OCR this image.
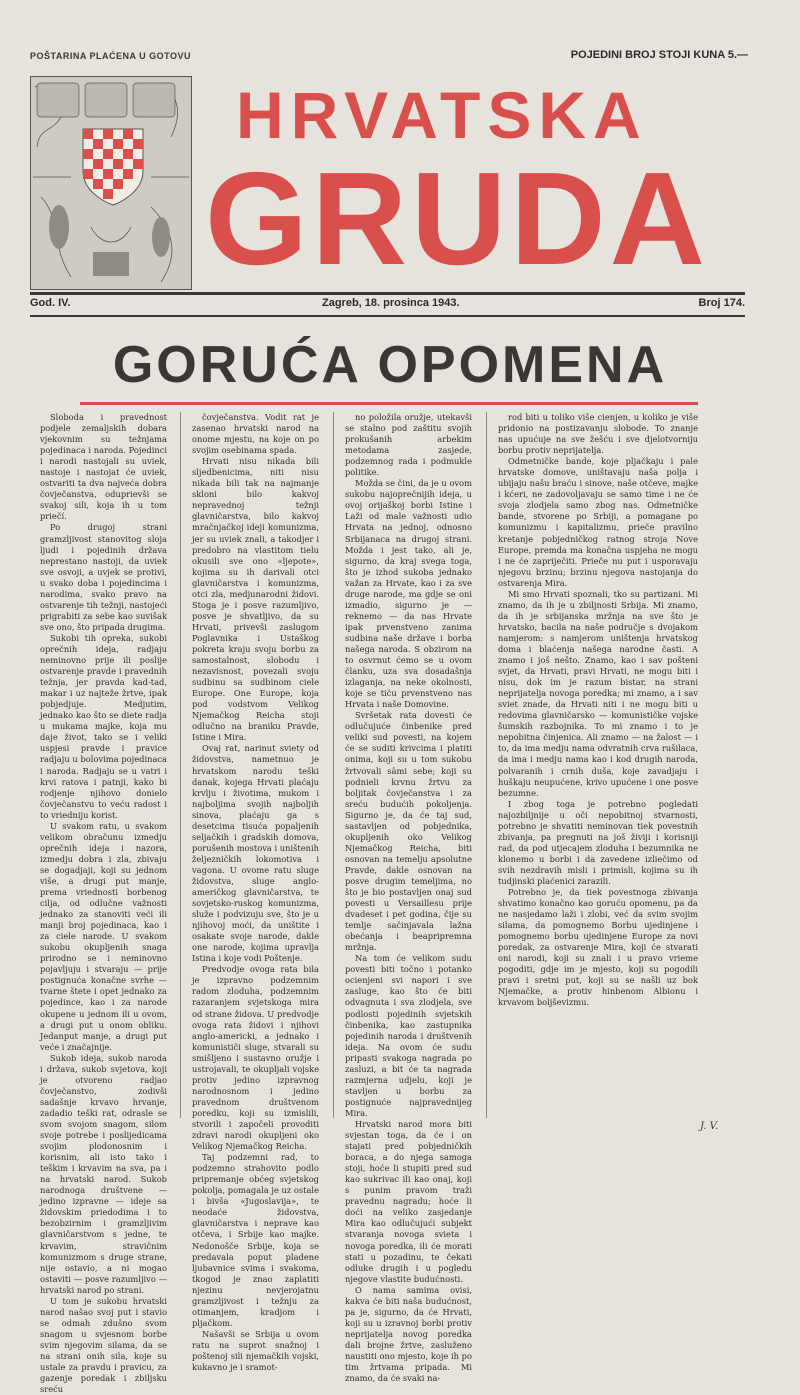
POŠTARINA PLAĆENA U GOTOVU	POJEDINI BROJ STOJI KUNA 5.—
HRVATSKA
GRUDA
God. IV.	Zagreb, 18. prosinca 1943.	Broj 174.
GORUĆA OPOMENA

Sloboda i pravednost podjele zemaljskih dobara vjekovnim su težnjama pojedinaca i naroda. Pojedinci i narodi nastojali su uviek, nastoje i nastojat će uviek, ostvariti ta dva najveća dobra čovječanstva, oduprievši se svakoj sili, koja ih u tom priečí.

Po drugoj strani gramzljivost stanovitog sloja ljudi i pojedinih država neprestano nastoji, da uviek sve osvoji, a uvjek se protivi, u svako doba i pojedincima i narodima, svako pravo na ostvarenje tih težnji, nastojeći prigrabiti za sebe kao suvišak sve ono, što pripada drugima.

Sukobi tih opreka, sukobi oprečnih ideja, radjaju neminovno prije ili poslije ostvarenje pravde i pravednih težnja, jer pravda kad-tad, makar i uz najteže žrtve, ipak pobjedjuje. Medjutim, jednako kao što se diete radja u mukama majke, koja mu daje život, tako se i veliki uspjesi pravde i pravice radjaju u bolovima pojedinaca i naroda. Radjaju se u vatri i krvi ratova i patnji, kako bi rodjenje njihovo donielo čovječanstvu to veću radost i to vriedniju korist.

U svakom ratu, u svakom velikom obračunu izmedju oprečnih ideja i nazora, izmedju dobra i zla, zbivaju se dogadjaji, koji su jednom više, a drugi put manje, prema vriednosti borbenog cilja, od odlučne važnosti jednako za stanoviti veći ili manji broj pojedinaca, kao i za ciele narode. U svakom sukobu okupljenih snaga prirodno se i neminovno pojavljuju i stvaraju — prije postignuća konačne svrhe — tvarne štete i opet jednako za pojedince, kao i za narode okupene u jednom ili u ovom, a drugi put u onom obliku. Jedanput manje, a drugi put veće i značajnije.

Sukob ideja, sukob naroda i država, sukob svjetova, koji je otvoreno radjao čovječanstvo, zodivši sadašnje krvavo hrvanje, zadadio teški rat, odrasle se svom svojom snagom, silom svoje potrebe i poslijedicama svojim plodonosnim i korisnim, ali isto tako i teškim i krvavim na sva, pa i na hrvatski narod. Sukob narodnoga društvene — jedino izpravne — ideje sa židovskim priedodima i to bezobzirnim i gramzljivim glavničarstvom s jedne, te krvavim, stravičnim komunizmom s druge strane, nije ostavio, a ni mogao ostaviti — posve razumljivo — hrvatski narod po strani.

U tom je sukobu hrvatski narod našao svoj put i stavio se odmah zdušno svom snagom u svjesnom borbe svim njegovim silama, da se na strani onih sila, koje su ustale za pravdu i pravicu, za gazenje poredak i zbiljsku sreću

čovječanstva. Vodit rat je zasenao hrvatski narod na onome mjestu, na koje on po svojim osebinama spada.

Hrvati nisu nikada bili sljedbenicima, niti nisu nikada bili tak na najmanje skloni bilo kakvoj nepravednoj težnji glavničarstva, bilo kakvoj mračnjačkoj ideji komunizma, jer su uviek znali, a takodjer i predobro na vlastitom tielu okusili sve ono «ljepote», kojima su ih darivali otci glavničarstva i komunizma, otci zla, medjunarodni židovi. Stoga je i posve razumljivo, posve je shvatljivo, da su Hrvati, privevši zaslugom Poglavnika i Ustaškog pokreta kraju svoju borbu za samostalnost, slobodu i nezavisnost, povezali svoju sudbinu sa sudbinom ciele Europe. One Europe, koja pod vodstvom Velikog Njemačkog Reicha stoji odlučno na braniku Pravde, Istine i Mira.

Ovaj rat, narinut sviety od židovstva, nametnuo je hrvatskom narodu teški danak, kojega Hrvati plaćaju krvlju i životima, mukom i najboljima svojih najboljih sinova, plaćaju ga s desetcima tisuća popaljenih seljačkih i gradskih domova, porušenih mostova i uništenih željezničkih lokomotiva i vagona. U ovome ratu sluge židovstva, sluge anglo-američkog glavničarstva, te sovjetsko-ruskog komunizma, služe i podvizuju sve, što je u njihovoj moći, da uništite i osakate svoje narode, dakle one narode, kojima upravlja Istina i koje vodi Poštenje.

Predvodje ovoga rata bila je izpravno podzemnim radom zloduha, podzemnim razaranjem svjetskoga mira od strane židova. U predvodje ovoga rata židovi i njihovi anglo-americki, a jednako i komunističi sluge, stvarali su smišljeno i sustavno oružje i ustrojavali, te okupljali vojske protiv jedino izpravnog narodnosnom i jedino pravednom društvenom poredku, koji su izmislili, stvorili i započeli provoditi zdravi narodi okupljeni oko Velikog Njemačkog Reicha.

Taj podzemni rad, to podzemno strahovito podlo pripremanje obćeg svjetskog pokolja, pomagala je uz ostale i bivša «Jugoslavija», te neodaće židovstva, glavničarstva i neprave kao otčeva, i Srbije kao majke. Nedonošče Srbije, koja se predavala poput pladene ljubavnice svima i svakoma, tkogod je znao zaplatiti njezinu nevjerojatnu gramzljivost i težnju za otimanjem, kradjom i pljačkom.

Našavši se Srbija u ovom ratu na suprot snažnoj i poštenoj sili njemačkih vojski, kukavno je i sramot-

no položila oružje, utekavši se stalno pod zaštitu svojih prokušanih arbekim metodama zasjede, podzemnog rada i podmukle politike.

Možda se čini, da je u ovom sukobu najoprečnijih ideja, u ovoj orijaškoj borbi Istine i Laži od male važnosti udio Hrvata na jednoj, odnosno Srbijanaca na drugoj strani. Možda i jest tako, ali je, sigurno, da kraj svega toga, što je izhod sukoba jednako važan za Hrvate, kao i za sve druge narode, ma gdje se oni izmadio, sigurno je — reknemo — da nas Hrvate ipak prvenstveno zanima sudbina naše države i borba našega naroda. S obzirom na to osvrnut ćemo se u ovom članku, uza sva dosadašnja izlaganja, na neke okolnosti, koje se tiču prvenstveno nas Hrvata i naše Domovine.

Svršetak rata dovesti će odlučujuće činbenike pred veliki sud povesti, na kojem će se suditi krivcima i platiti onima, koji su u tom sukobu žrtvovali sâmi sebe; koji su podnieli krvnu žrtvu za boljitak čovječanstva i za sreću budućih pokoljenja. Sigurno je, da će taj sud, sastavljen od pobjednika, okupljenih oko Velikog Njemačkog Reicha, biti osnovan na temelju apsolutne Pravde, dakle osnovan na posve drugim temeljima, no što je bio postavljen onaj sud povesti u Versaillesu prije dvadeset i pet godina, čije su temlje sačinjavala lažna obećanja i beapripremna mržnja.

Na tom će velikom sudu povesti biti točno i potanko ocienjeni svi napori i sve zasluge, kao što će biti odvagnuta i sva zlodjela, sve podlosti pojedinih svjetskih činbenika, kao zastupnika pojedinih naroda i društvenih ideja. Na ovom će sudu pripasti svakoga nagrada po zasluzi, a bit će ta nagrada razmjerna udjelu, koji je stavljen u borbu za postignuće najpravednijeg Mira.

Hrvatski narod mora biti svjestan toga, da će i on stajati pred pobjedničkih boraca, a do njega samoga stoji, hoće li stupiti pred sud kao sukrivac ili kao onaj, koji s punim pravom traži pravednu nagradu; hoće li doći na veliko zasjedanje Mira kao odlučujući subjekt stvaranja novoga svieta i novoga poredka, ili će morati stati u pozadinu, te čekati odluke drugih i u pogledu njegove vlastite budućnosti.

O nama samima ovisi, kakva će biti naša budućnost, pa je, sigurno, da će Hrvati, koji su u izravnoj borbi protiv neprijatelja novog poredka dali brojne žrtve, zasluženo naustiti ono mjesto, koje ih po tim žrtvama pripada. Mi znamo, da će svaki na-

rod biti u toliko više cienjen, u koliko je više pridonio na postizavanju slobode. To znanje nas upućuje na sve žešću i sve djelotvorniju borbu protiv neprijatelja.

Odmetničke bande, koje pljačkaju i pale hrvatske domove, uništavaju naša polja i ubijaju našu braću i sinove, naše otčeve, majke i kćeri, ne zadovoljavaju se samo time i ne će svoja zlodjela samo zbog nas. Odmetničke bande, stvorene po Srbiji, a pomagane po komunizmu i kapitalizmu, prieče pravilno kretanje pobjedničkog ratnog stroja Nove Europe, premda ma konačna uspjeha ne mogu i ne će zapriječiti. Prieče nu put i usporavaju njegovu brzinu; brzinu njegova nastojanja do ostvarenja Mira.

Mi smo Hrvati spoznali, tko su partizani. Mi znamo, da ih je u zbiljnosti Srbija. Mi znamo, da ih je srbijanska mržnja na sve što je hrvatsko, bacila na naše područje s dvojakom namjerom: s namjerom uništenja hrvatskog doma i blaćenja našega narodne časti. A znamo i još nešto. Znamo, kao i sav pošteni svjet, da Hrvati, pravi Hrvati, ne mogu biti i nisu, dok im je razum bistar, na strani neprijatelja novoga poredka; mi znamo, a i sav sviet znade, da Hrvati niti i ne mogu biti u redovima glavničarsko — komunističke vojske šumskih razbojnika. To mi znamo i to je nepobitna činjenica. Ali znamo — na žalost — i to, da ima medju nama odvratnih crva rušilaca, da ima i medju nama kao i kod drugih naroda, polvaranih i crnih duša, koje zavadjaju i huškaju neupućene, krivo upućene i one posve bezumne.

I zbog toga je potrebno pogledati najozbiljnije u oči nepobitnoj stvarnosti, potrebno je shvatiti neminovan tiek povestnih zbivanja, pa pregnuti na još živiji i korisniji rad, da pod utjecajem zloduha i bezumnika ne klonemo u borbi i da zavedene izliečimo od svih nezdravih misli i primisli, kojima su ih tudjinski plaćenici zarazili.

Potrebno je, da tiek povestnoga zbivanja shvatimo konačno kao goruću opomenu, pa da ne nasjedamo laži i zlobi, već da svim svojim silama, da pomognemo Borbu ujedinjene i pomognemo borbu ujedinjene Europe za novi poredak, za ostvarenje Mira, koji će stvarati oni narodi, koji su znali i u pravo vrieme pogoditi, gdje im je mjesto, koji su pogodili pravi i sretni put, koji su se našli uz bok Njemačke, a protiv hinbenom Albionu i krvavom boljševizmu.

J. V.
